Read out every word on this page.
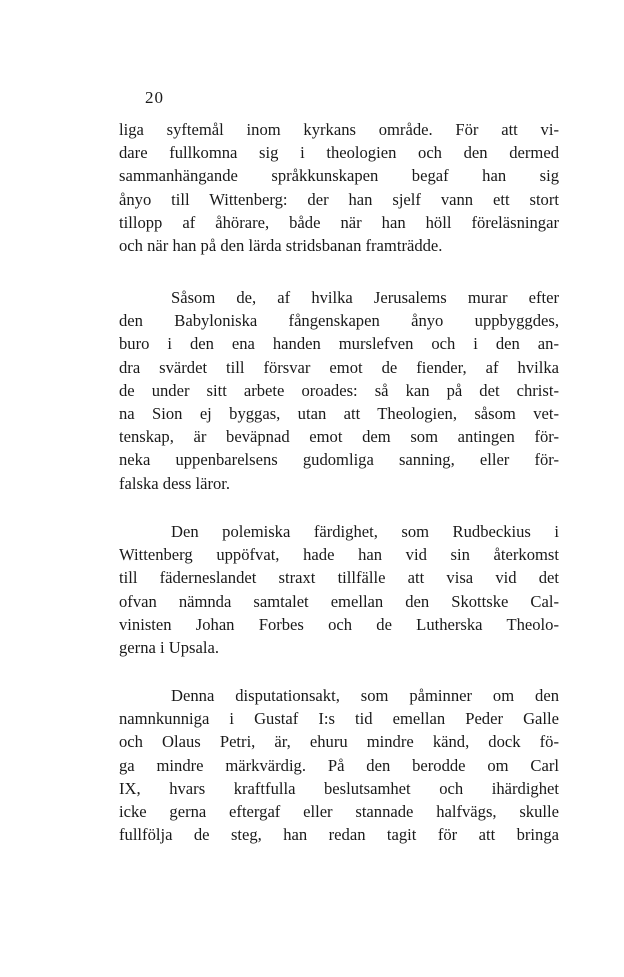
20
liga syftemål inom kyrkans område. För att vi-
dare fullkomna sig i theologien och den dermed
sammanhängande språkkunskapen begaf han sig
ånyo till Wittenberg: der han sjelf vann ett stort
tillopp af åhörare, både när han höll föreläsningar
och när han på den lärda stridsbanan framträdde.
Såsom de, af hvilka Jerusalems murar efter
den Babyloniska fångenskapen ånyo uppbyggdes,
buro i den ena handen murslefven och i den an-
dra svärdet till försvar emot de fiender, af hvilka
de under sitt arbete oroades: så kan på det christ-
na Sion ej byggas, utan att Theologien, såsom vet-
tenskap, är beväpnad emot dem som antingen för-
neka uppenbarelsens gudomliga sanning, eller för-
falska dess läror.
Den polemiska färdighet, som Rudbeckius i
Wittenberg uppöfvat, hade han vid sin återkomst
till fäderneslandet straxt tillfälle att visa vid det
ofvan nämnda samtalet emellan den Skottske Cal-
vinisten Johan Forbes och de Lutherska Theolo-
gerna i Upsala.
Denna disputationsakt, som påminner om den
namnkunniga i Gustaf I:s tid emellan Peder Galle
och Olaus Petri, är, ehuru mindre känd, dock fö-
ga mindre märkvärdig. På den berodde om Carl
IX, hvars kraftfulla beslutsamhet och ihärdighet
icke gerna eftergaf eller stannade halfvägs, skulle
fullfölja de steg, han redan tagit för att bringa
